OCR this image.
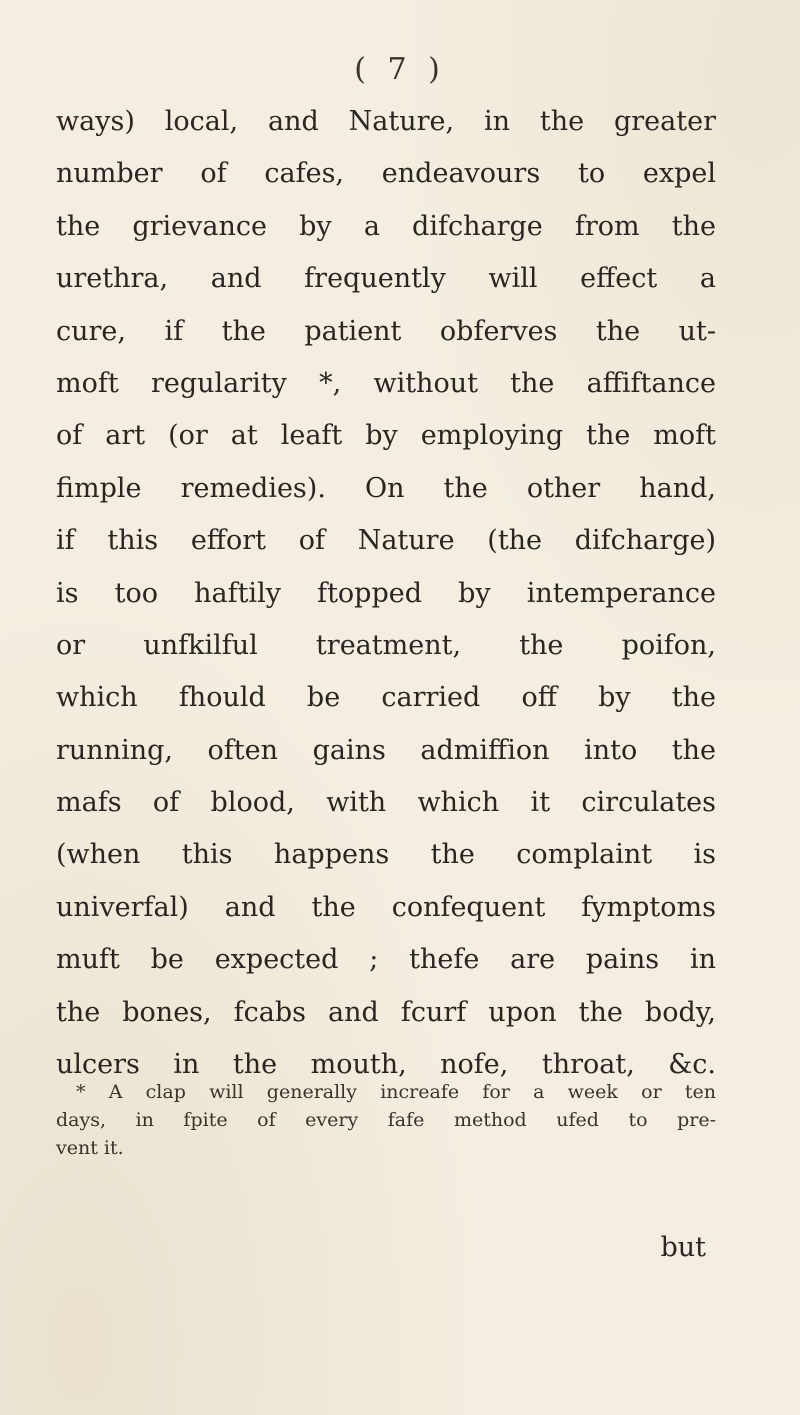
( 7 )
ways) local, and Nature, in the greater
number of cafes, endeavours to expel
the grievance by a difcharge from the
urethra, and frequently will effect a
cure, if the patient obferves the ut-
moft regularity *, without the affiftance
of art (or at leaft by employing the moft
fimple remedies). On the other hand,
if this effort of Nature (the difcharge)
is too haftily ftopped by intemperance
or unfkilful treatment, the poifon,
which fhould be carried off by the
running, often gains admiffion into the
mafs of blood, with which it circulates
(when this happens the complaint is
univerfal) and the confequent fymptoms
muft be expected ; thefe are pains in
the bones, fcabs and fcurf upon the body,
ulcers in the mouth, nofe, throat, &c.
* A clap will generally increafe for a week or ten
days, in fpite of every fafe method ufed to pre-
vent it.
but
